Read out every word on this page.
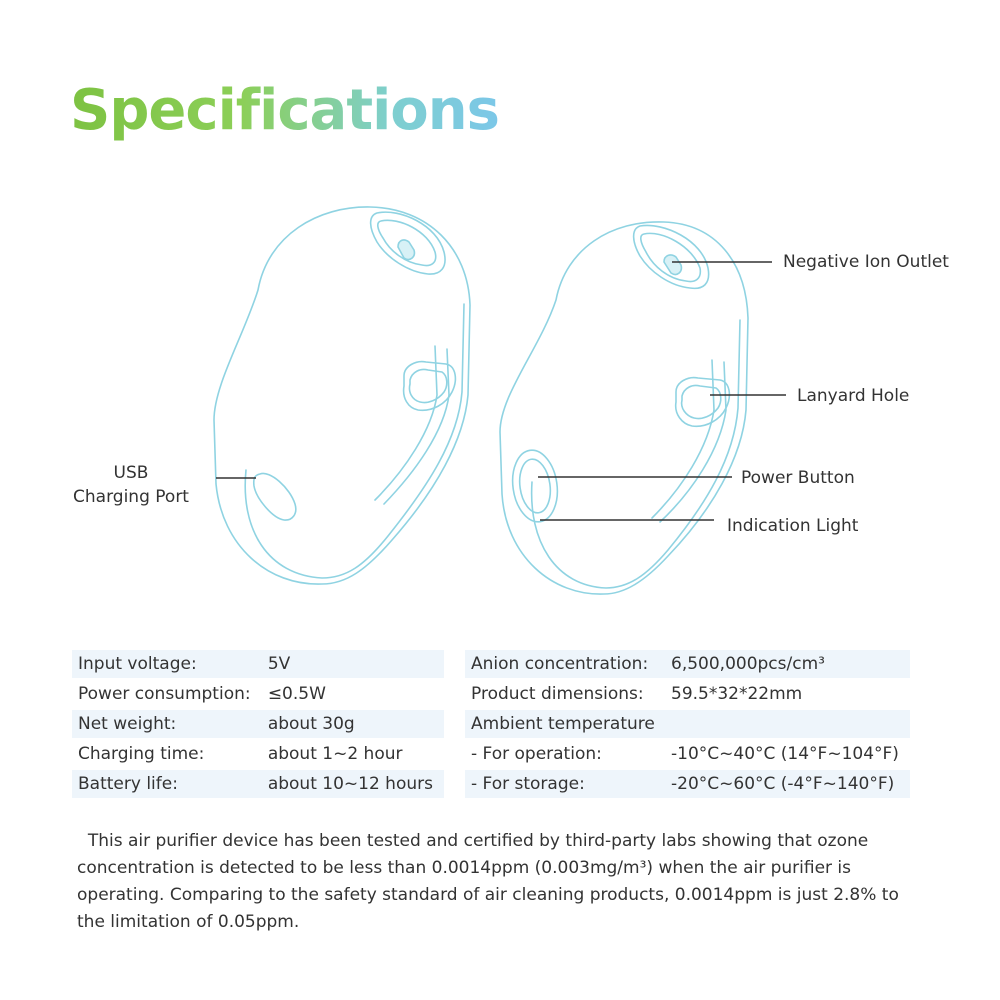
Specifications
USB
Charging Port
Negative Ion Outlet
Lanyard Hole
Power Button
Indication Light
Input voltage:	5V
Power consumption:	≤0.5W
Net weight:	about 30g
Charging time:	about 1~2 hour
Battery life:	about 10~12 hours
Anion concentration:	6,500,000pcs/cm³
Product dimensions:	59.5*32*22mm
Ambient temperature	
- For operation:	-10°C~40°C (14°F~104°F)
- For storage:	-20°C~60°C (-4°F~140°F)
This air purifier device has been tested and certified by third-party labs showing that ozone concentration is detected to be less than 0.0014ppm (0.003mg/m³) when the air purifier is operating. Comparing to the safety standard of air cleaning products, 0.0014ppm is just 2.8% to the limitation of 0.05ppm.
